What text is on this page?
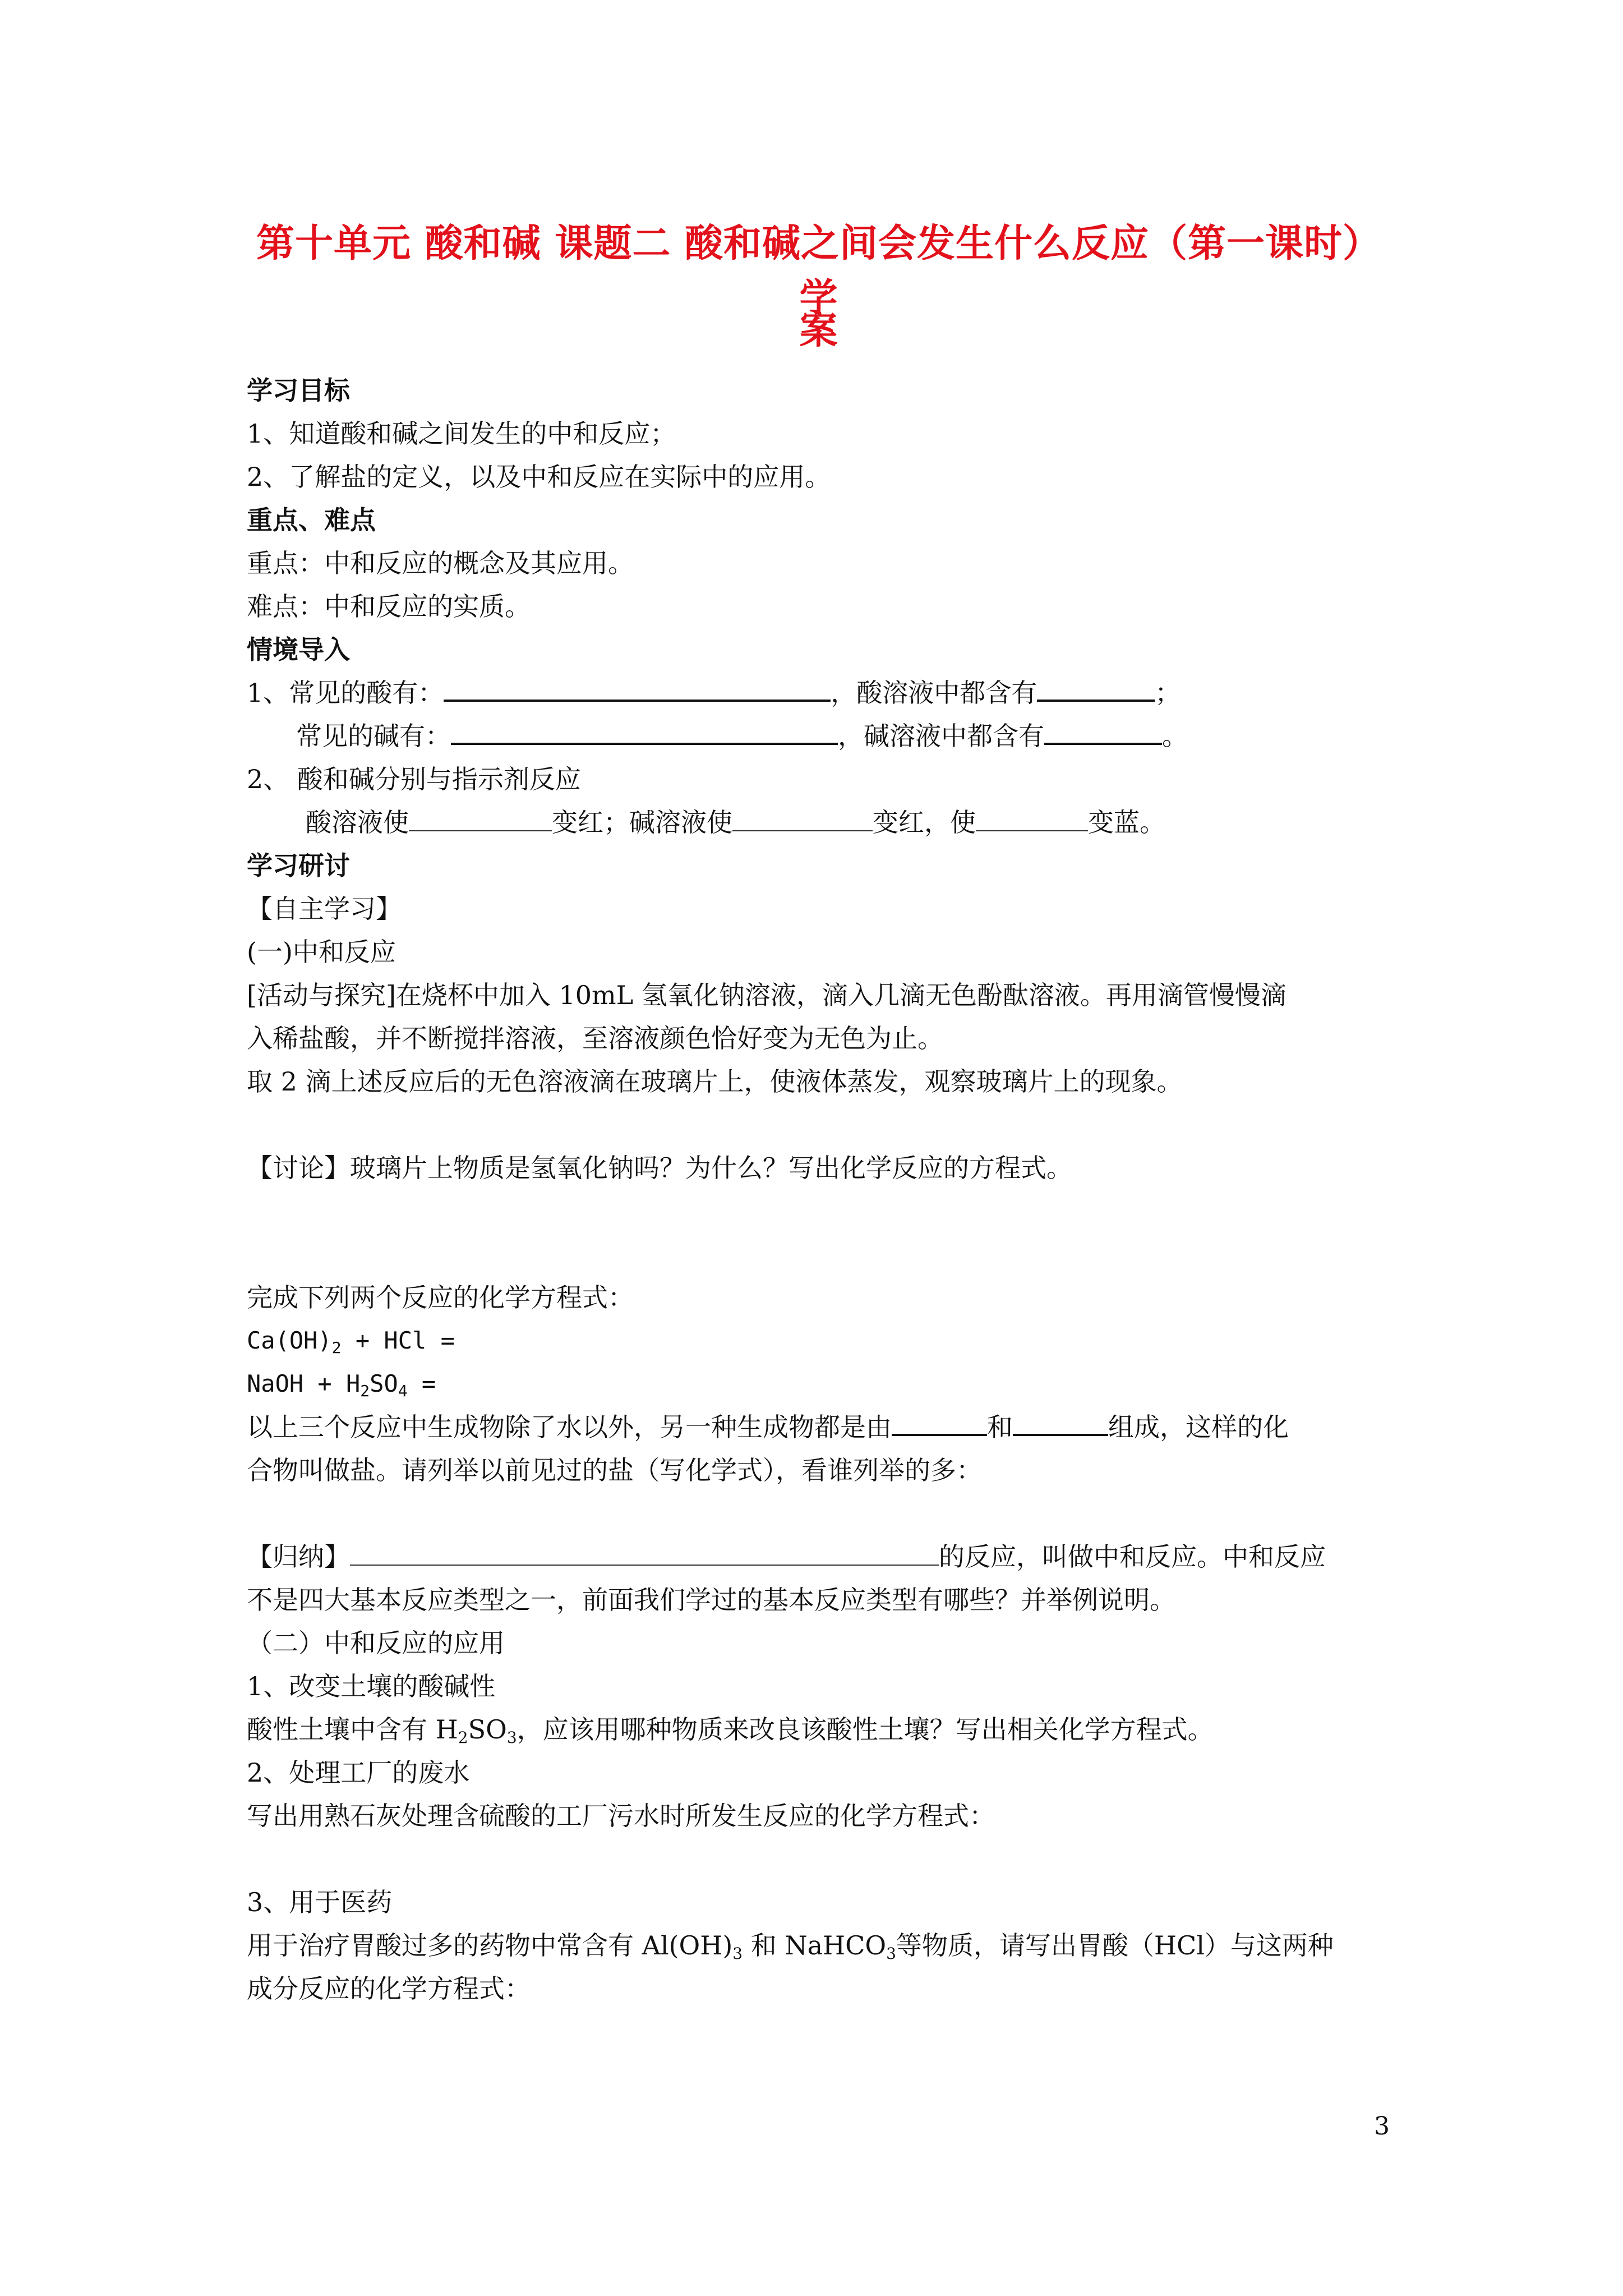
第十单元 酸和碱 课题二 酸和碱之间会发生什么反应（第一课时）学
案
学习目标
1、知道酸和碱之间发生的中和反应；
2、了解盐的定义，以及中和反应在实际中的应用。
重点、难点
重点：中和反应的概念及其应用。
难点：中和反应的实质。
情境导入
1、常见的酸有：	，酸溶液中都含有	；
常见的碱有：	，碱溶液中都含有	。
2、 酸和碱分别与指示剂反应
酸溶液使	变红；碱溶液使	变红，使	变蓝。
学习研讨
【自主学习】
(一)中和反应
[活动与探究]在烧杯中加入 10mL 氢氧化钠溶液，滴入几滴无色酚酞溶液。再用滴管慢慢滴
入稀盐酸，并不断搅拌溶液，至溶液颜色恰好变为无色为止。
取 2 滴上述反应后的无色溶液滴在玻璃片上，使液体蒸发，观察玻璃片上的现象。
【讨论】玻璃片上物质是氢氧化钠吗？为什么？写出化学反应的方程式。
完成下列两个反应的化学方程式：
$Ca(OH)_2$ + HCl =
NaOH + $H_2SO_4$ =
以上三个反应中生成物除了水以外，另一种生成物都是由	和	组成，这样的化
合物叫做盐。请列举以前见过的盐（写化学式），看谁列举的多：
【归纳】	的反应，叫做中和反应。中和反应
不是四大基本反应类型之一，前面我们学过的基本反应类型有哪些？并举例说明。
（二）中和反应的应用
1、改变土壤的酸碱性
酸性土壤中含有 $H_2SO_3$，应该用哪种物质来改良该酸性土壤？写出相关化学方程式。
2、处理工厂的废水
写出用熟石灰处理含硫酸的工厂污水时所发生反应的化学方程式：
3、用于医药
用于治疗胃酸过多的药物中常含有 $Al(OH)_3$ 和 NaHCO$_3$等物质，请写出胃酸（HCl）与这两种
成分反应的化学方程式：
3
